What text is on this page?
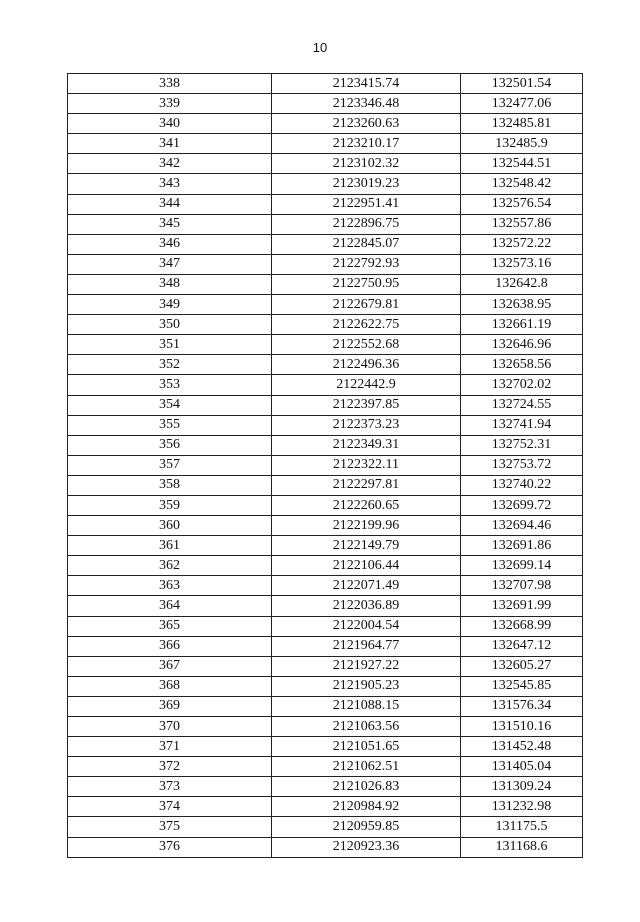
10
338	2123415.74	132501.54
339	2123346.48	132477.06
340	2123260.63	132485.81
341	2123210.17	132485.9
342	2123102.32	132544.51
343	2123019.23	132548.42
344	2122951.41	132576.54
345	2122896.75	132557.86
346	2122845.07	132572.22
347	2122792.93	132573.16
348	2122750.95	132642.8
349	2122679.81	132638.95
350	2122622.75	132661.19
351	2122552.68	132646.96
352	2122496.36	132658.56
353	2122442.9	132702.02
354	2122397.85	132724.55
355	2122373.23	132741.94
356	2122349.31	132752.31
357	2122322.11	132753.72
358	2122297.81	132740.22
359	2122260.65	132699.72
360	2122199.96	132694.46
361	2122149.79	132691.86
362	2122106.44	132699.14
363	2122071.49	132707.98
364	2122036.89	132691.99
365	2122004.54	132668.99
366	2121964.77	132647.12
367	2121927.22	132605.27
368	2121905.23	132545.85
369	2121088.15	131576.34
370	2121063.56	131510.16
371	2121051.65	131452.48
372	2121062.51	131405.04
373	2121026.83	131309.24
374	2120984.92	131232.98
375	2120959.85	131175.5
376	2120923.36	131168.6
